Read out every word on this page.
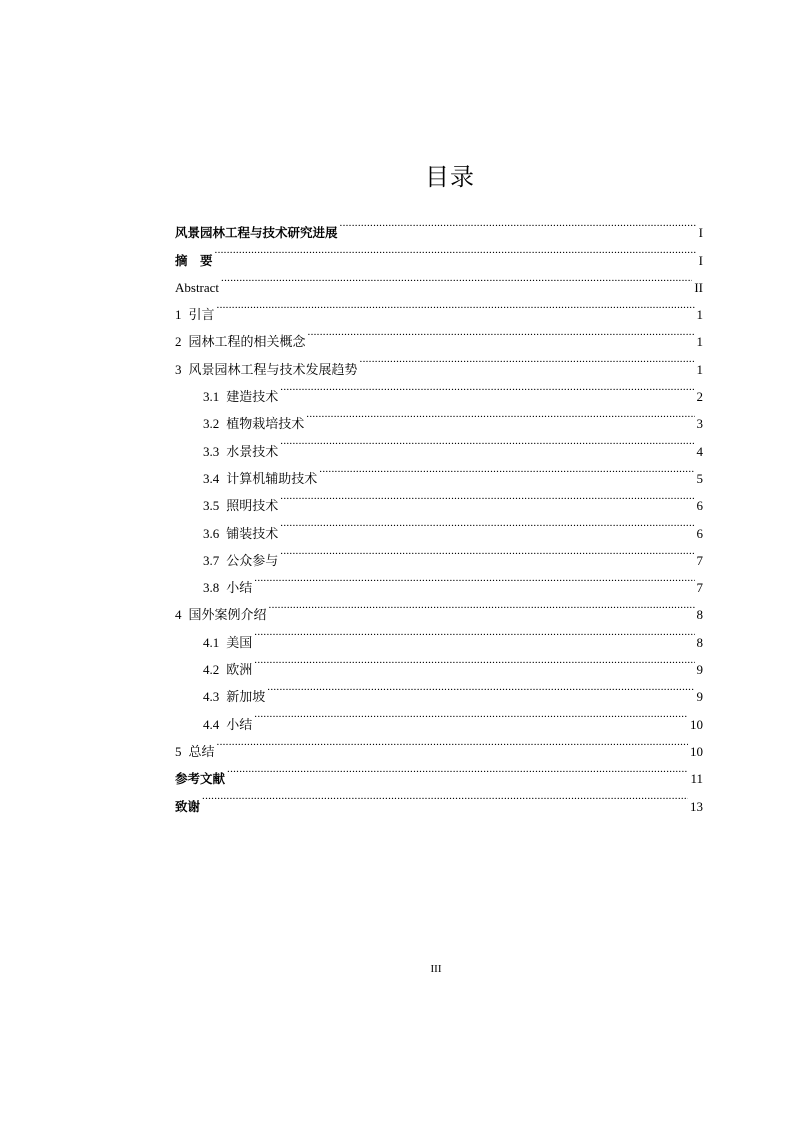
目录
风景园林工程与技术研究进展 .....	I
摘　要 .....	I
Abstract .....	II
1 引言 .....	1
2 园林工程的相关概念 .....	1
3 风景园林工程与技术发展趋势 .....	1
3.1 建造技术 .....	2
3.2 植物栽培技术 .....	3
3.3 水景技术 .....	4
3.4 计算机辅助技术 .....	5
3.5 照明技术 .....	6
3.6 铺装技术 .....	6
3.7 公众参与 .....	7
3.8 小结 .....	7
4 国外案例介绍 .....	8
4.1 美国 .....	8
4.2 欧洲 .....	9
4.3 新加坡 .....	9
4.4 小结 .....	10
5 总结 .....	10
参考文献 .....	11
致谢 .....	13
III
